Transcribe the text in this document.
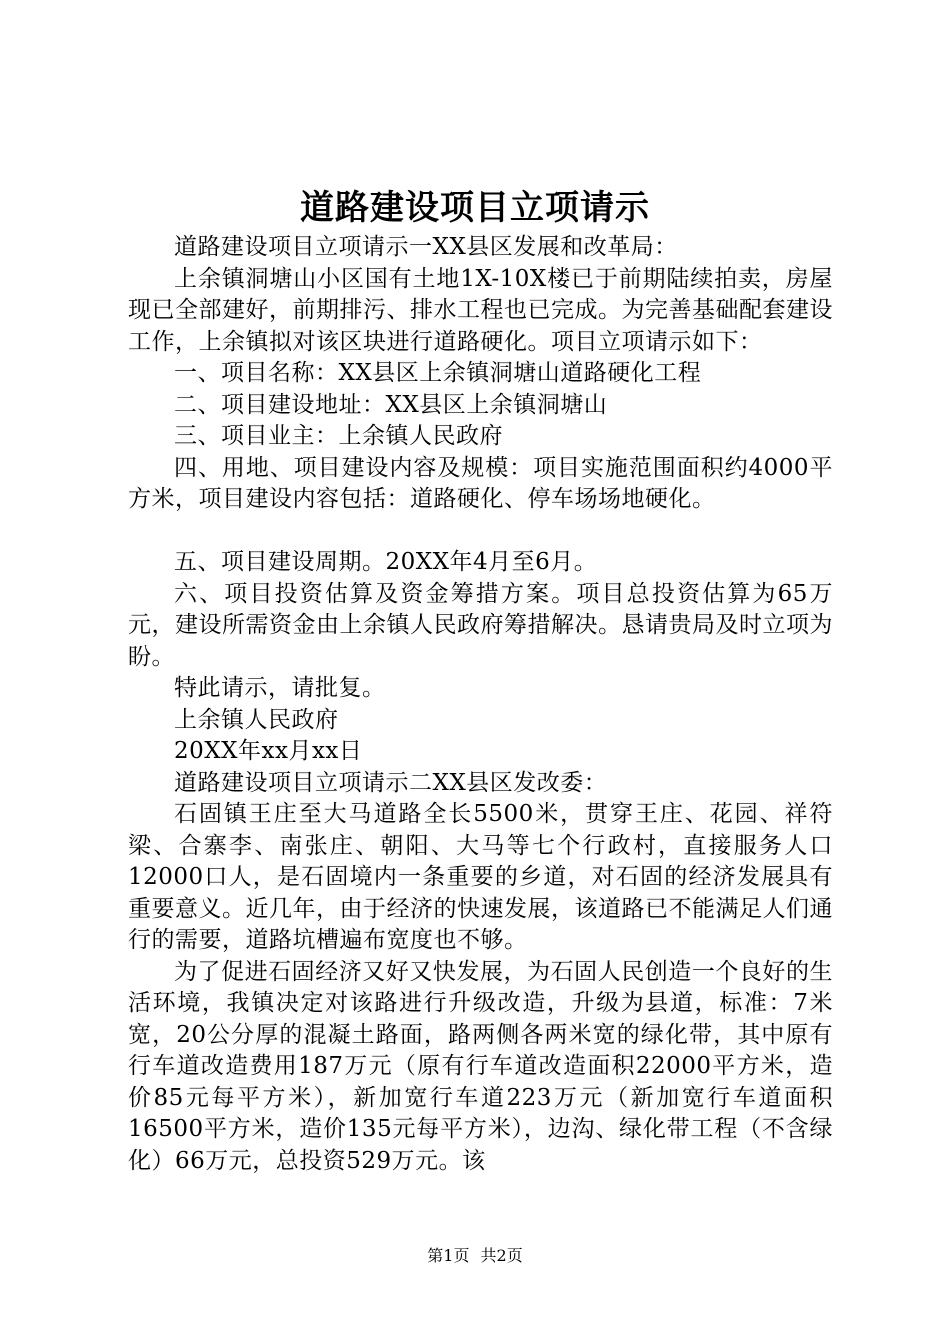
道路建设项目立项请示

道路建设项目立项请示一XX县区发展和改革局：

上余镇洞塘山小区国有土地1X-10X楼已于前期陆续拍卖，房屋现已全部建好，前期排污、排水工程也已完成。为完善基础配套建设工作，上余镇拟对该区块进行道路硬化。项目立项请示如下：

一、项目名称：XX县区上余镇洞塘山道路硬化工程

二、项目建设地址：XX县区上余镇洞塘山

三、项目业主：上余镇人民政府

四、用地、项目建设内容及规模：项目实施范围面积约4000平方米，项目建设内容包括：道路硬化、停车场场地硬化。

五、项目建设周期。20XX年4月至6月。

六、项目投资估算及资金筹措方案。项目总投资估算为65万元，建设所需资金由上余镇人民政府筹措解决。恳请贵局及时立项为盼。

特此请示，请批复。

上余镇人民政府

20XX年xx月xx日

道路建设项目立项请示二XX县区发改委：

石固镇王庄至大马道路全长5500米，贯穿王庄、花园、祥符梁、合寨李、南张庄、朝阳、大马等七个行政村，直接服务人口12000口人，是石固境内一条重要的乡道，对石固的经济发展具有重要意义。近几年，由于经济的快速发展，该道路已不能满足人们通行的需要，道路坑槽遍布宽度也不够。

为了促进石固经济又好又快发展，为石固人民创造一个良好的生活环境，我镇决定对该路进行升级改造，升级为县道，标准：7米宽，20公分厚的混凝土路面，路两侧各两米宽的绿化带，其中原有行车道改造费用187万元（原有行车道改造面积22000平方米，造价85元每平方米），新加宽行车道223万元（新加宽行车道面积16500平方米，造价135元每平方米），边沟、绿化带工程（不含绿化）66万元，总投资529万元。该

第1页 共2页
